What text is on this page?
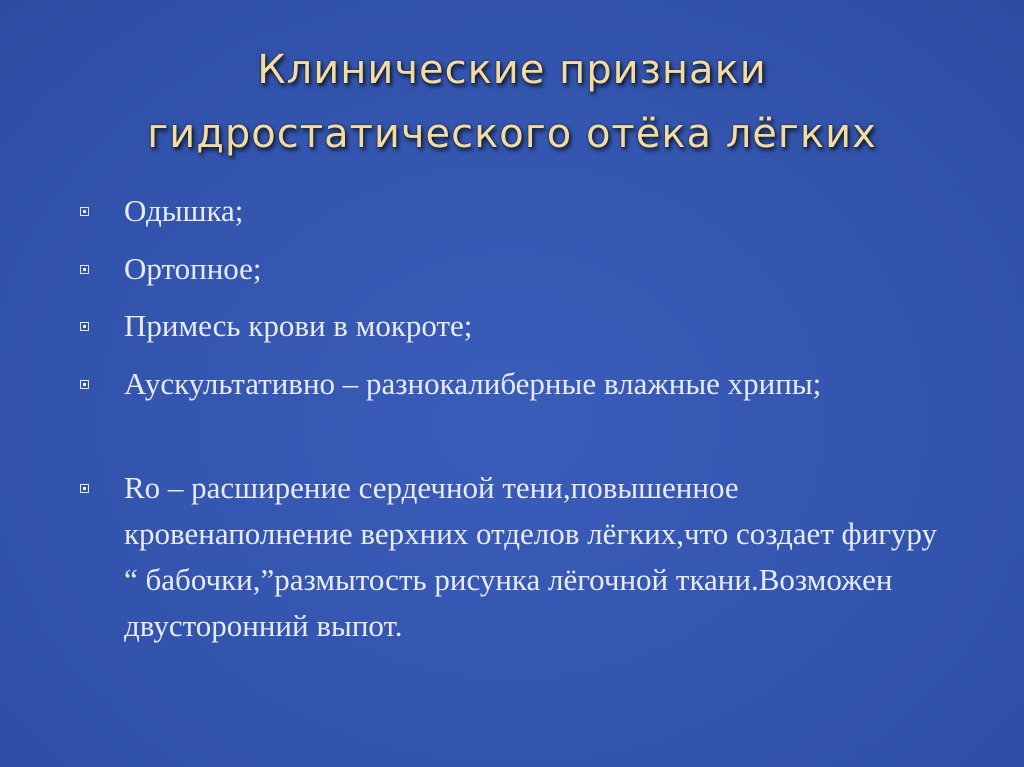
Клинические признаки
гидростатического отёка лёгких
Одышка;
Ортопное;
Примесь крови в мокроте;
Аускультативно – разнокалиберные влажные хрипы;
Ro – расширение сердечной тени,повышенное кровенаполнение верхних отделов лёгких,что создает фигуру “ бабочки,”размытость рисунка лёгочной ткани.Возможен двусторонний выпот.
